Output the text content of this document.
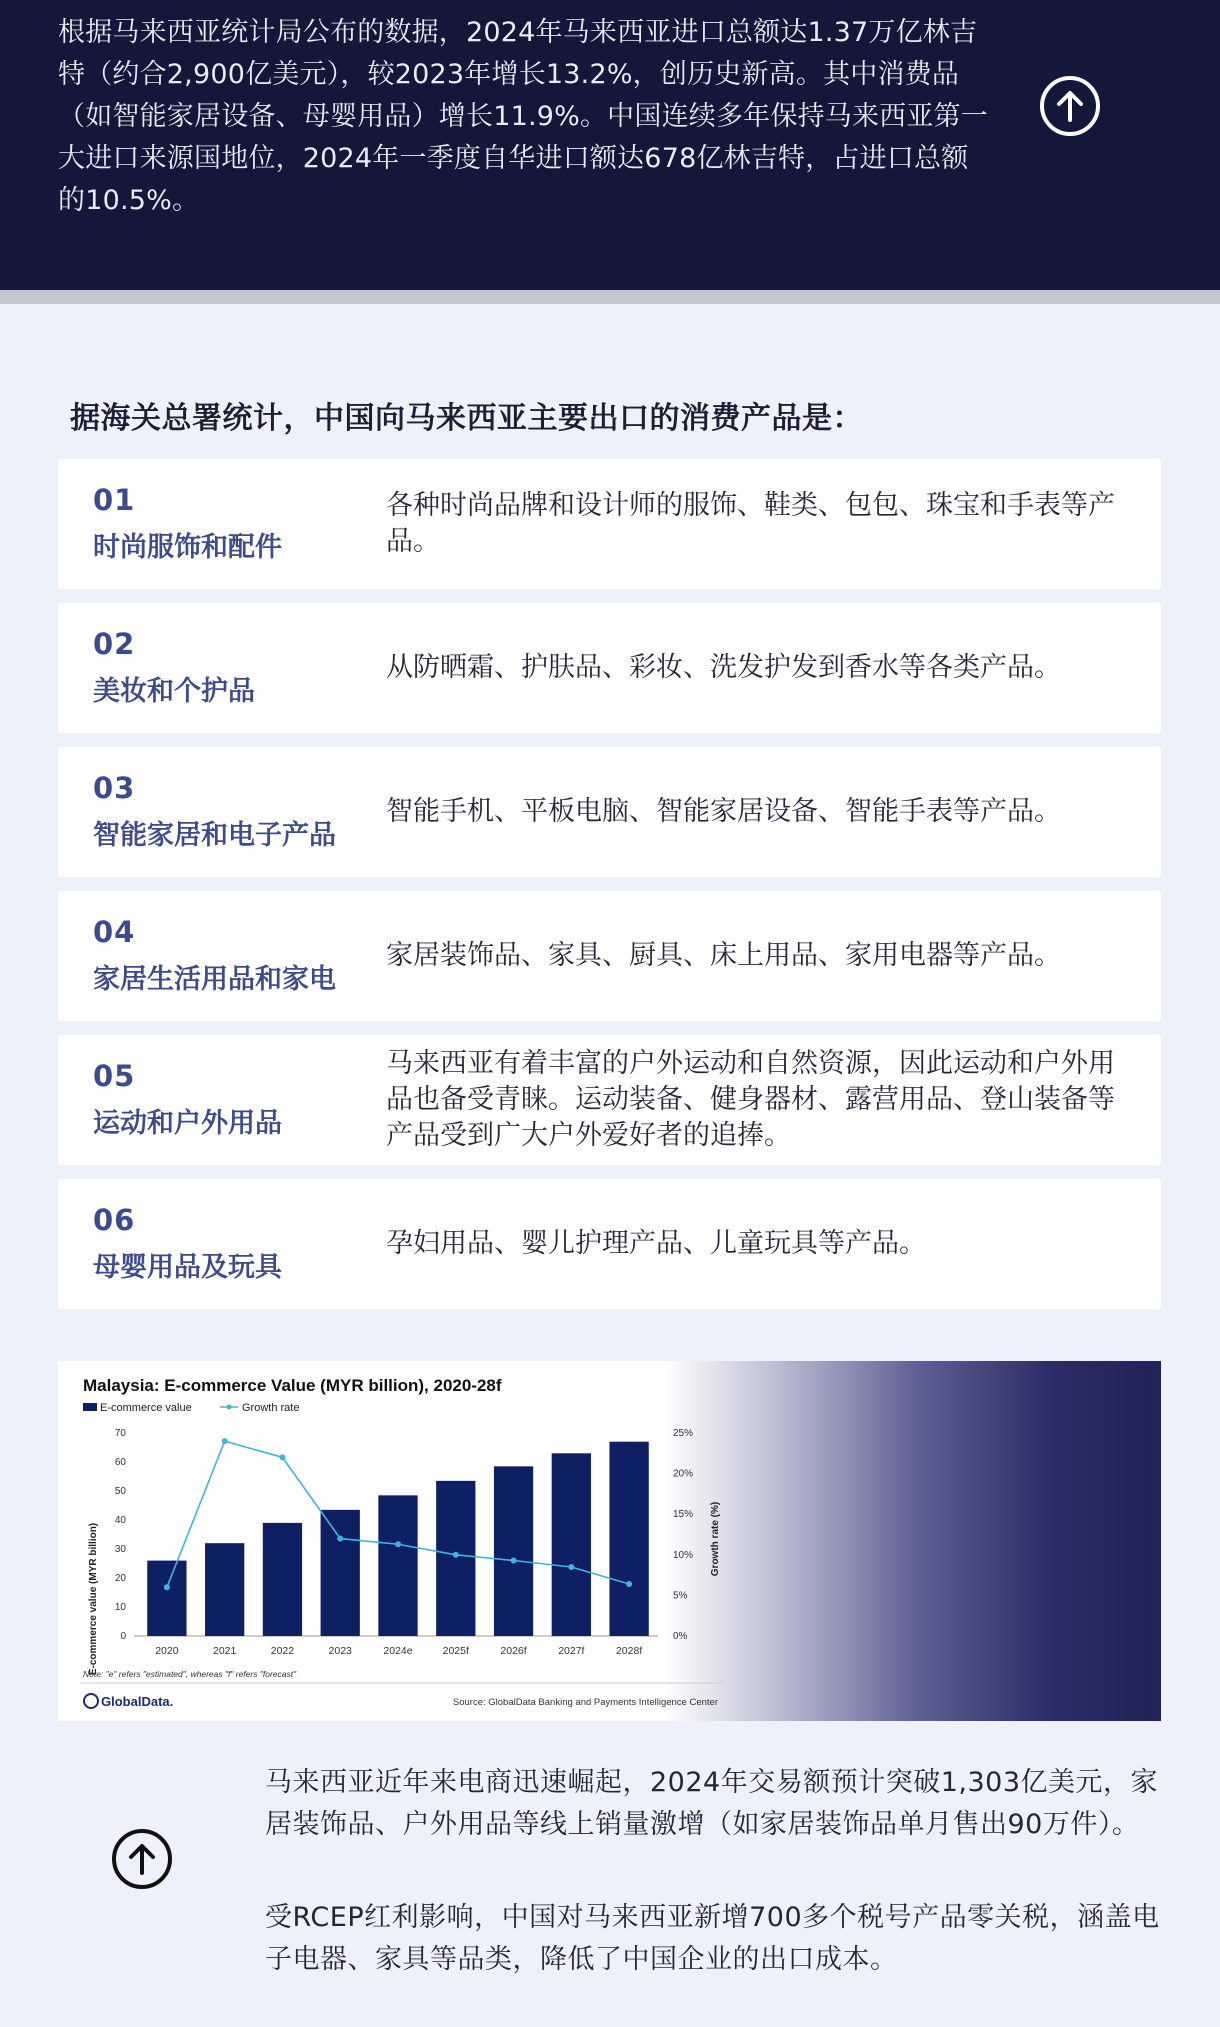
根据马来西亚统计局公布的数据，2024年马来西亚进口总额达1.37万亿林吉特（约合2,900亿美元），较2023年增长13.2%，创历史新高。其中消费品（如智能家居设备、母婴用品）增长11.9%。中国连续多年保持马来西亚第一大进口来源国地位，2024年一季度自华进口额达678亿林吉特，占进口总额的10.5%。

据海关总署统计，中国向马来西亚主要出口的消费产品是：
01
时尚服饰和配件
各种时尚品牌和设计师的服饰、鞋类、包包、珠宝和手表等产品。
02
美妆和个护品
从防晒霜、护肤品、彩妆、洗发护发到香水等各类产品。
03
智能家居和电子产品
智能手机、平板电脑、智能家居设备、智能手表等产品。
04
家居生活用品和家电
家居装饰品、家具、厨具、床上用品、家用电器等产品。
05
运动和户外用品
马来西亚有着丰富的户外运动和自然资源，因此运动和户外用品也备受青睐。运动装备、健身器材、露营用品、登山装备等产品受到广大户外爱好者的追捧。
06
母婴用品及玩具
孕妇用品、婴儿护理产品、儿童玩具等产品。
Malaysia: E-commerce Value (MYR billion), 2020-28f
E-commerce value	Growth rate
E-commerce value (MYR billion)	Growth rate (%)
0
10
20
30
40
50
60
70
0%
5%
10%
15%
20%
25%
2020	2021	2022	2023	2024e	2025f	2026f	2027f	2028f
Note: "e" refers "estimated", whereas "f" refers "forecast"
GlobalData.	Source: GlobalData Banking and Payments Intelligence Center

马来西亚近年来电商迅速崛起，2024年交易额预计突破1,303亿美元，家居装饰品、户外用品等线上销量激增（如家居装饰品单月售出90万件）。

受RCEP红利影响，中国对马来西亚新增700多个税号产品零关税，涵盖电子电器、家具等品类，降低了中国企业的出口成本。
